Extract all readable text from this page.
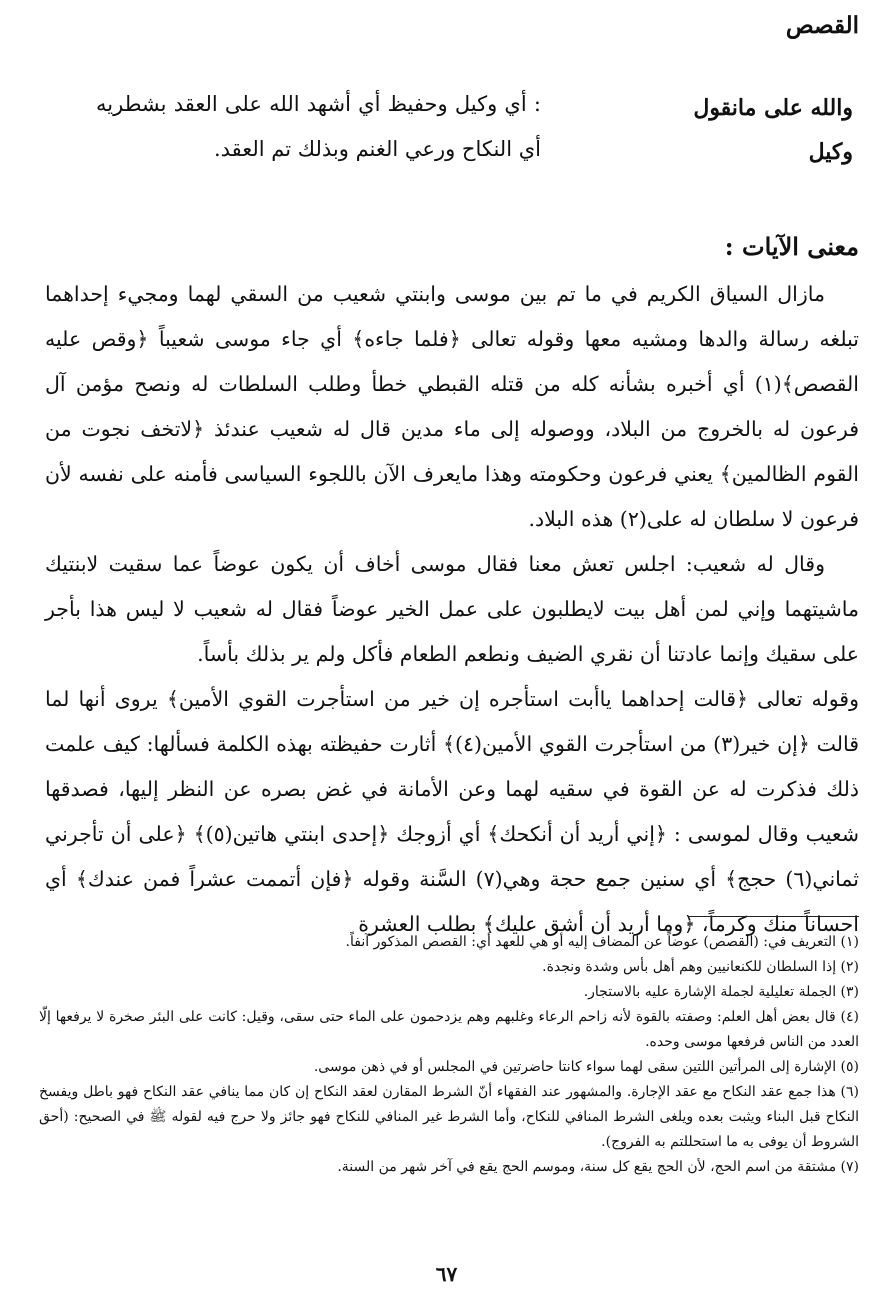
القصص
والله على مانقول وكيل
: أي وكيل وحفيظ أي أشهد الله على العقد بشطريه أي النكاح ورعي الغنم وبذلك تم العقد.
معنى الآيات :

مازال السياق الكريم في ما تم بين موسى وابنتي شعيب من السقي لهما ومجيء إحداهما تبلغه رسالة والدها ومشيه معها وقوله تعالى ﴿فلما جاءه﴾ أي جاء موسى شعيباً ﴿وقص عليه القصص﴾(١) أي أخبره بشأنه كله من قتله القبطي خطأ وطلب السلطات له ونصح مؤمن آل فرعون له بالخروج من البلاد، ووصوله إلى ماء مدين قال له شعيب عندئذ ﴿لاتخف نجوت من القوم الظالمين﴾ يعني فرعون وحكومته وهذا مايعرف الآن باللجوء السياسى فأمنه على نفسه لأن فرعون لا سلطان له على(٢) هذه البلاد.

وقال له شعيب: اجلس تعش معنا فقال موسى أخاف أن يكون عوضاً عما سقيت لابنتيك ماشيتهما وإني لمن أهل بيت لايطلبون على عمل الخير عوضاً فقال له شعيب لا ليس هذا بأجر على سقيك وإنما عادتنا أن نقري الضيف ونطعم الطعام فأكل ولم ير بذلك بأساً.

وقوله تعالى ﴿قالت إحداهما ياأبت استأجره إن خير من استأجرت القوي الأمين﴾ يروى أنها لما قالت ﴿إن خير(٣) من استأجرت القوي الأمين(٤)﴾ أثارت حفيظته بهذه الكلمة فسألها: كيف علمت ذلك فذكرت له عن القوة في سقيه لهما وعن الأمانة في غض بصره عن النظر إليها، فصدقها شعيب وقال لموسى : ﴿إني أريد أن أنكحك﴾ أي أزوجك ﴿إحدى ابنتي هاتين(٥)﴾ ﴿على أن تأجرني ثماني(٦) حجج﴾ أي سنين جمع حجة وهي(٧) السَّنة وقوله ﴿فإن أتممت عشراً فمن عندك﴾ أي احساناً منك وكرماً، ﴿وما أريد أن أشق عليك﴾ بطلب العشرة

(١) التعريف في: (القصص) عوضاً عن المضاف إليه أو هي للعهد أي: القصص المذكور آنفاً.

(٢) إذا السلطان للكنعانيين وهم أهل بأس وشدة ونجدة.

(٣) الجملة تعليلية لجملة الإشارة عليه بالاستجار.

(٤) قال بعض أهل العلم: وصفته بالقوة لأنه زاحم الرعاء وغلبهم وهم يزدحمون على الماء حتى سقى، وقيل: كانت على البئر صخرة لا يرفعها إلّا العدد من الناس فرفعها موسى وحده.

(٥) الإشارة إلى المرأتين اللتين سقى لهما سواء كانتا حاضرتين في المجلس أو في ذهن موسى.

(٦) هذا جمع عقد النكاح مع عقد الإجارة. والمشهور عند الفقهاء أنّ الشرط المقارن لعقد النكاح إن كان مما ينافي عقد النكاح فهو باطل ويفسخ النكاح قبل البناء ويثبت بعده ويلغى الشرط المنافي للنكاح، وأما الشرط غير المنافي للنكاح فهو جائز ولا حرج فيه لقوله ﷺ في الصحيح: (أحق الشروط أن يوفى به ما استحللتم به الفروج).

(٧) مشتقة من اسم الحج، لأن الحج يقع كل سنة، وموسم الحج يقع في آخر شهر من السنة.

٦٧
